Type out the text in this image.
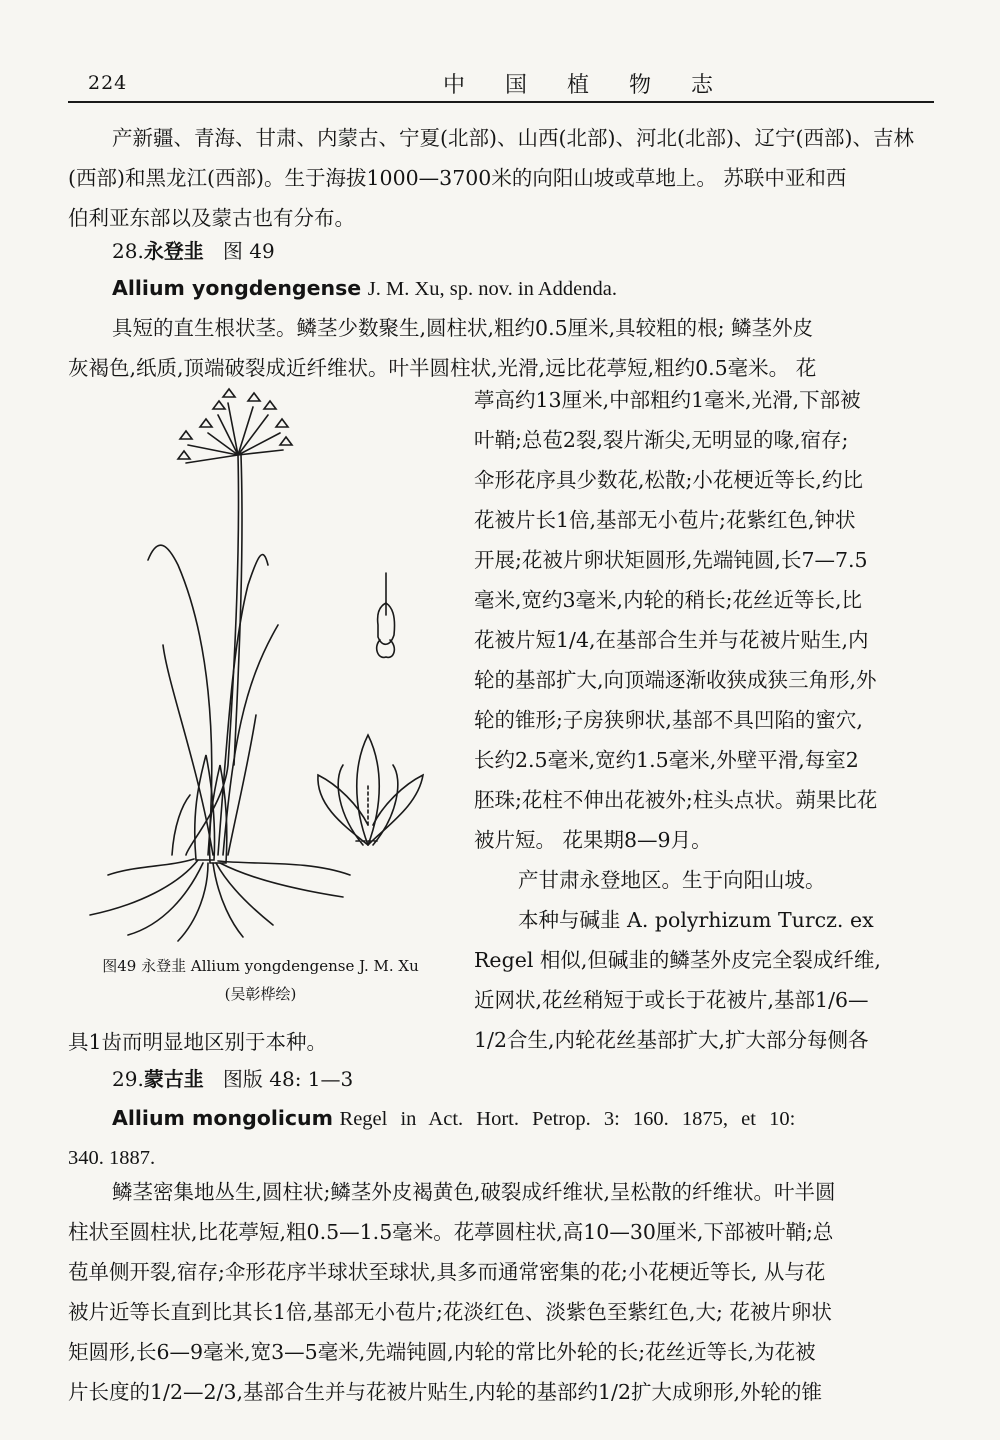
224	中国植物志
产新疆、青海、甘肃、内蒙古、宁夏(北部)、山西(北部)、河北(北部)、辽宁(西部)、吉林
(西部)和黑龙江(西部)。生于海拔1000—3700米的向阳山坡或草地上。 苏联中亚和西
伯利亚东部以及蒙古也有分布。
28.永登韭 图 49
Allium yongdengense J. M. Xu, sp. nov. in Addenda.
具短的直生根状茎。鳞茎少数聚生,圆柱状,粗约0.5厘米,具较粗的根; 鳞茎外皮
灰褐色,纸质,顶端破裂成近纤维状。叶半圆柱状,光滑,远比花葶短,粗约0.5毫米。 花
图49 永登韭 Allium yongdengense J. M. Xu
(吴彰桦绘)
葶高约13厘米,中部粗约1毫米,光滑,下部被
叶鞘;总苞2裂,裂片渐尖,无明显的喙,宿存;
伞形花序具少数花,松散;小花梗近等长,约比
花被片长1倍,基部无小苞片;花紫红色,钟状
开展;花被片卵状矩圆形,先端钝圆,长7—7.5
毫米,宽约3毫米,内轮的稍长;花丝近等长,比
花被片短1/4,在基部合生并与花被片贴生,内
轮的基部扩大,向顶端逐渐收狭成狭三角形,外
轮的锥形;子房狭卵状,基部不具凹陷的蜜穴,
长约2.5毫米,宽约1.5毫米,外壁平滑,每室2
胚珠;花柱不伸出花被外;柱头点状。蒴果比花
被片短。 花果期8—9月。
产甘肃永登地区。生于向阳山坡。
本种与碱韭 A. polyrhizum Turcz. ex
Regel 相似,但碱韭的鳞茎外皮完全裂成纤维,
近网状,花丝稍短于或长于花被片,基部1/6—
1/2合生,内轮花丝基部扩大,扩大部分每侧各
具1齿而明显地区别于本种。
29.蒙古韭 图版 48: 1—3
Allium mongolicum Regel in Act. Hort. Petrop. 3: 160. 1875, et 10:
340. 1887.
鳞茎密集地丛生,圆柱状;鳞茎外皮褐黄色,破裂成纤维状,呈松散的纤维状。叶半圆
柱状至圆柱状,比花葶短,粗0.5—1.5毫米。花葶圆柱状,高10—30厘米,下部被叶鞘;总
苞单侧开裂,宿存;伞形花序半球状至球状,具多而通常密集的花;小花梗近等长, 从与花
被片近等长直到比其长1倍,基部无小苞片;花淡红色、淡紫色至紫红色,大; 花被片卵状
矩圆形,长6—9毫米,宽3—5毫米,先端钝圆,内轮的常比外轮的长;花丝近等长,为花被
片长度的1/2—2/3,基部合生并与花被片贴生,内轮的基部约1/2扩大成卵形,外轮的锥
